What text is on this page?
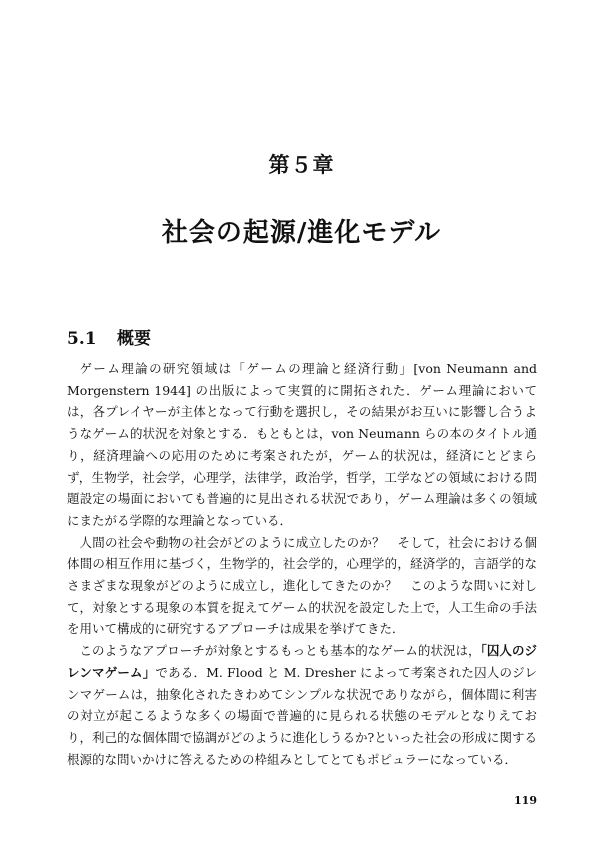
第５章
社会の起源/進化モデル
5.1 概要

ゲーム理論の研究領域は「ゲームの理論と経済行動」[von Neumann and Morgenstern 1944] の出版によって実質的に開拓された．ゲーム理論においては，各プレイヤーが主体となって行動を選択し，その結果がお互いに影響し合うようなゲーム的状況を対象とする．もともとは，von Neumann らの本のタイトル通り，経済理論への応用のために考案されたが，ゲーム的状況は，経済にとどまらず，生物学，社会学，心理学，法律学，政治学，哲学，工学などの領域における問題設定の場面においても普遍的に見出される状況であり，ゲーム理論は多くの領域にまたがる学際的な理論となっている．

人間の社会や動物の社会がどのように成立したのか？　そして，社会における個体間の相互作用に基づく，生物学的，社会学的，心理学的，経済学的，言語学的なさまざまな現象がどのように成立し，進化してきたのか？　このような問いに対して，対象とする現象の本質を捉えてゲーム的状況を設定した上で，人工生命の手法を用いて構成的に研究するアプローチは成果を挙げてきた．

このようなアプローチが対象とするもっとも基本的なゲーム的状況は，「囚人のジレンマゲーム」である．M. Flood と M. Dresher によって考案された囚人のジレンマゲームは，抽象化されたきわめてシンプルな状況でありながら，個体間に利害の対立が起こるような多くの場面で普遍的に見られる状態のモデルとなりえており，利己的な個体間で協調がどのように進化しうるか?といった社会の形成に関する根源的な問いかけに答えるための枠組みとしてとてもポピュラーになっている．

119
